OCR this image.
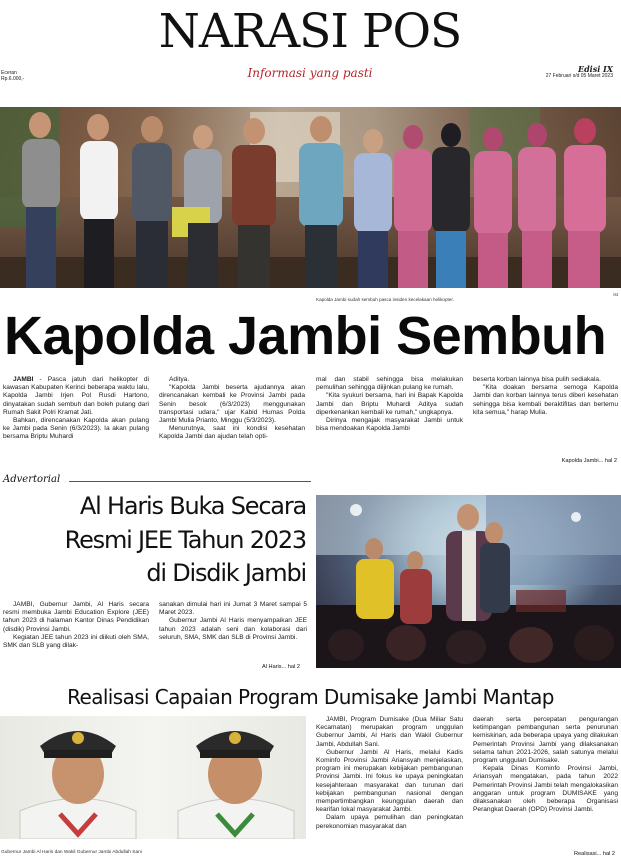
NARASI POS
Informasi yang pasti
Eceran
Rp.6.000,-
Edisi IX
27 Februari s/d 05 Maret 2023
Kapolda Jambi sudah sembuh pasca insiden kecelakaan helikopter.
ist
Kapolda Jambi Sembuh

JAMBI - Pasca jatuh dari helikopter di kawasan Kabupaten Kerinci beberapa waktu lalu, Kapolda Jambi Irjen Pol Rusdi Hartono, dinyatakan sudah sembuh dan boleh pulang dari Rumah Sakit Polri Kramat Jati.

Bahkan, direncanakan Kapolda akan pulang ke Jambi pada Senin (6/3/2023). Ia akan pulang bersama Briptu Muhardi

Aditya.

"Kapolda Jambi beserta ajudannya akan direncanakan kembali ke Provinsi Jambi pada Senin besok (6/3/2023) menggunakan transportasi udara," ujar Kabid Humas Polda Jambi Mulia Prianto, Minggu (5/3/2023).

Menurutnya, saat ini kondisi kesehatan Kapolda Jambi dan ajudan telah opti-

mal dan stabil sehingga bisa melakukan pemulihan sehingga diijinkan pulang ke rumah.

"Kita syukuri bersama, hari ini Bapak Kapolda Jambi dan Briptu Muhardi Aditya sudah diperkenankan kembali ke rumah," ungkapnya.

Dirinya mengajak masyarakat Jambi untuk bisa mendoakan Kapolda Jambi

beserta korban lainnya bisa pulih sediakala.

"Kita doakan bersama semoga Kapolda Jambi dan korban lainnya terus diberi kesehatan sehingga bisa kembali beraktifitas dan bertemu kita semua," harap Mulia.

Kapolda Jambi... hal 2
Advertorial
Al Haris Buka Secara
Resmi JEE Tahun 2023
di Disdik Jambi

JAMBI, Gubernur Jambi, Al Haris secara resmi membuka Jambi Education Explore (JEE) tahun 2023 di halaman Kantor Dinas Pendidikan (disdik) Provinsi Jambi.

Kegiatan JEE tahun 2023 ini diikuti oleh SMA, SMK dan SLB yang dilak-

sanakan dimulai hari ini Jumat 3 Maret sampai 5 Maret 2023.

Gubernur Jambi Al Haris menyampaikan JEE tahun 2023 adalah seni dan kolaborasi dari seluruh, SMA, SMK dan SLB di Provinsi Jambi.

Al Haris... hal 2
Realisasi Capaian Program Dumisake Jambi Mantap
Gubernur Jambi Al Haris dan Wakil Gubernur Jambi Abdullah Sani

JAMBI, Program Dumisake (Dua Miliar Satu Kecamatan) merupakan program unggulan Gubernur Jambi, Al Haris dan Wakil Gubernur Jambi, Abdullah Sani.

Gubernur Jambi Al Haris, melalui Kadis Kominfo Provinsi Jambi Ariansyah menjelaskan, program ini merupakan kebijakan pembangunan Provinsi Jambi. Ini fokus ke upaya peningkatan kesejahteraan masyarakat dan turunan dari kebijakan pembangunan nasional dengan mempertimbangkan keunggulan daerah dan kearifan lokal masyarakat Jambi.

Dalam upaya pemulihan dan peningkatan perekonomian masyarakat dan

daerah serta percepatan pengurangan ketimpangan pembangunan serta penurunan kemiskinan, ada beberapa upaya yang dilakukan Pemerintah Provinsi Jambi yang dilaksanakan selama tahun 2021-2026, salah satunya melalui program unggulan Dumisake.

Kepala Dinas Kominfo Provinsi Jambi, Ariansyah mengatakan, pada tahun 2022 Pemerintah Provinsi Jambi telah mengalokasikan anggaran untuk program DUMISAKE yang dilaksanakan oleh beberapa Organisasi Perangkat Daerah (OPD) Provinsi Jambi.

Realisasi... hal 2
